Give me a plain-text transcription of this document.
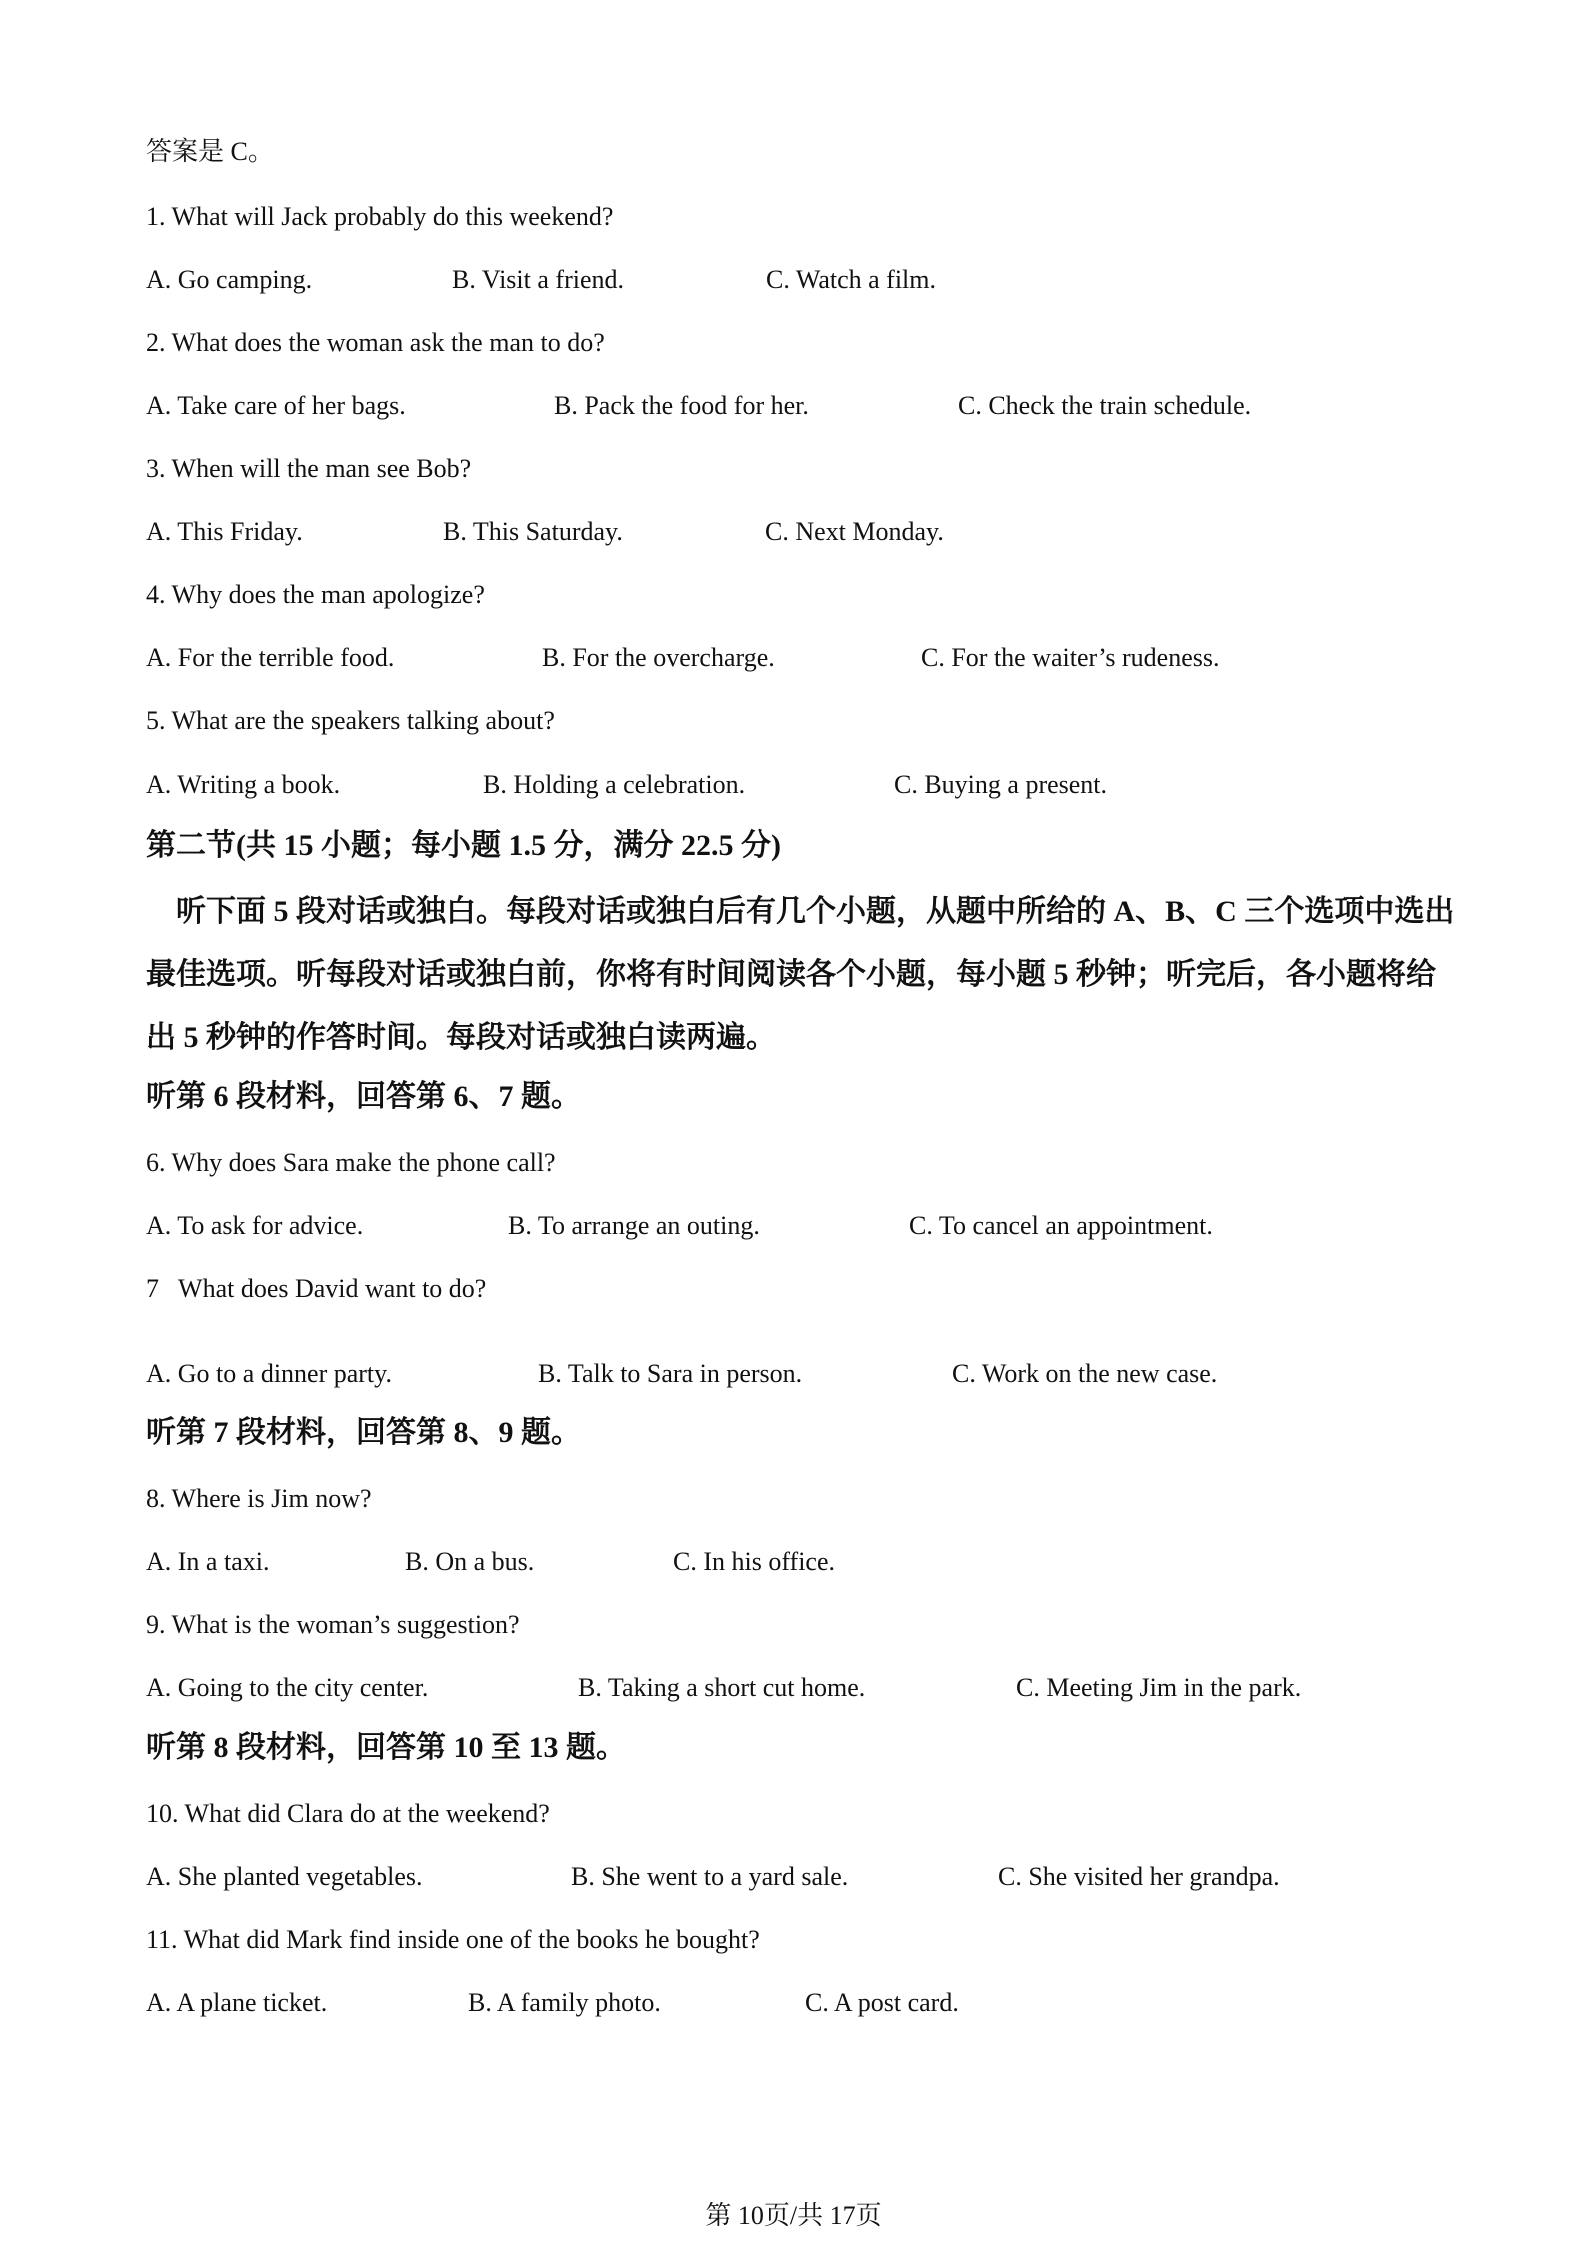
答案是 C。
1. What will Jack probably do this weekend?
A. Go camping.	B. Visit a friend.	C. Watch a film.
2. What does the woman ask the man to do?
A. Take care of her bags.	B. Pack the food for her.	C. Check the train schedule.
3. When will the man see Bob?
A. This Friday.	B. This Saturday.	C. Next Monday.
4. Why does the man apologize?
A. For the terrible food.	B. For the overcharge.	C. For the waiter’s rudeness.
5. What are the speakers talking about?
A. Writing a book.	B. Holding a celebration.	C. Buying a present.
第二节(共 15 小题；每小题 1.5 分，满分 22.5 分)
听下面 5 段对话或独白。每段对话或独白后有几个小题，从题中所给的 A、B、C 三个选项中选出最佳选项。听每段对话或独白前，你将有时间阅读各个小题，每小题 5 秒钟；听完后，各小题将给出 5 秒钟的作答时间。每段对话或独白读两遍。
听第 6 段材料，回答第 6、7 题。
6. Why does Sara make the phone call?
A. To ask for advice.	B. To arrange an outing.	C. To cancel an appointment.
7   What does David want to do?
A. Go to a dinner party.	B. Talk to Sara in person.	C. Work on the new case.
听第 7 段材料，回答第 8、9 题。
8. Where is Jim now?
A. In a taxi.	B. On a bus.	C. In his office.
9. What is the woman’s suggestion?
A. Going to the city center.	B. Taking a short cut home.	C. Meeting Jim in the park.
听第 8 段材料，回答第 10 至 13 题。
10. What did Clara do at the weekend?
A. She planted vegetables.	B. She went to a yard sale.	C. She visited her grandpa.
11. What did Mark find inside one of the books he bought?
A. A plane ticket.	B. A family photo.	C. A post card.
第 10页/共 17页
